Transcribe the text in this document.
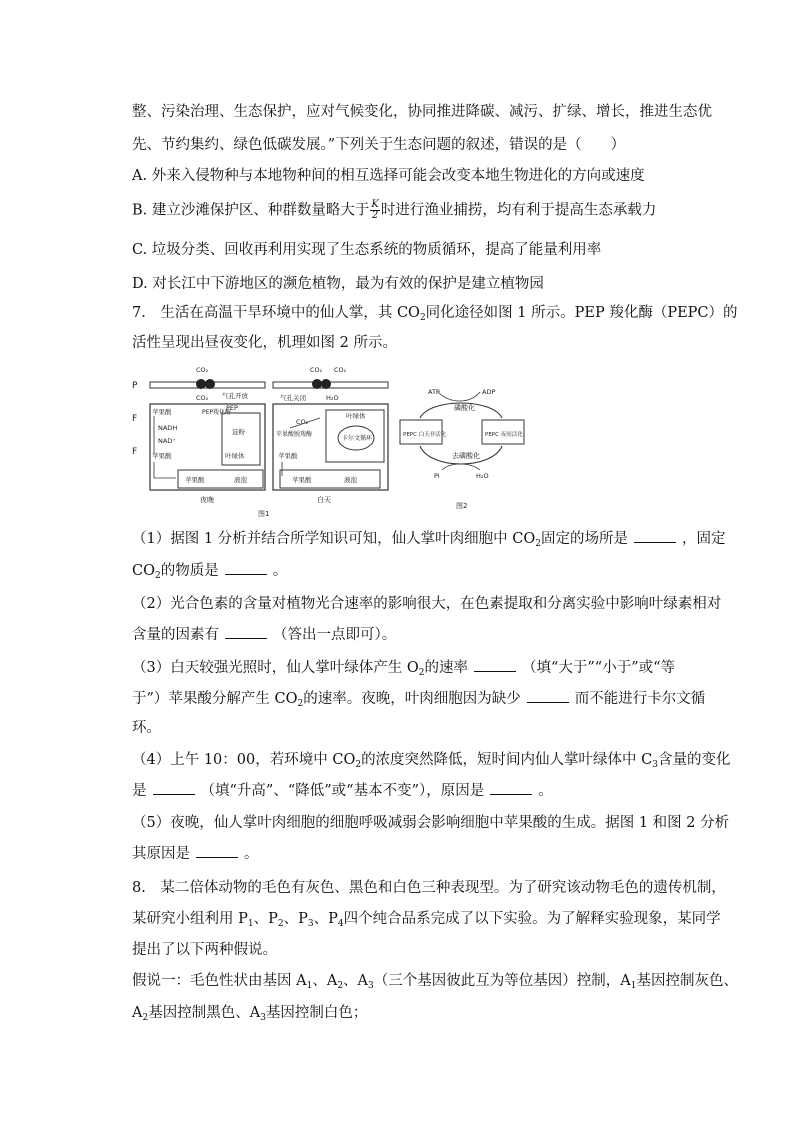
整、污染治理、生态保护，应对气候变化，协同推进降碳、减污、扩绿、增长，推进生态优
先、节约集约、绿色低碳发展。”下列关于生态问题的叙述，错误的是（　　）
A. 外来入侵物种与本地物种间的相互选择可能会改变本地生物进化的方向或速度
B. 建立沙滩保护区、种群数量略大于 $\frac{K}{2}$ 时进行渔业捕捞，均有利于提高生态承载力
C. 垃圾分类、回收再利用实现了生态系统的物质循环，提高了能量利用率
D. 对长江中下游地区的濒危植物，最为有效的保护是建立植物园
7.　生活在高温干旱环境中的仙人掌，其 $CO_2$同化途径如图 1 所示。PEP 羧化酶（PEPC）的
活性呈现出昼夜变化，机理如图 2 所示。
P
F
F
CO₂
CO₂ 气孔开放
苹果酸	PEP羧化酶
PEP
NADH
NAD⁺
淀粉
叶绿体
苹果酸
苹果酸	液泡
夜晚
CO₂ CO₂
气孔关闭	H₂O
CO₂
叶绿体
苹果酸脱羧酶
卡尔文循环
苹果酸
苹果酸	液泡
白天
图1
ATP	ADP
磷酸化
PEPC 白天非活化	PEPC 夜间活化
去磷酸化
Pi	H₂O
图2
（1）据图 1 分析并结合所学知识可知，仙人掌叶肉细胞中 $CO_2$固定的场所是	，固定
$CO_2$的物质是	。
（2）光合色素的含量对植物光合速率的影响很大，在色素提取和分离实验中影响叶绿素相对
含量的因素有	（答出一点即可）。
（3）白天较强光照时，仙人掌叶绿体产生 $O_2$的速率	（填“大于”“小于”或“等
于”）苹果酸分解产生 $CO_2$的速率。夜晚，叶肉细胞因为缺少	而不能进行卡尔文循
环。
（4）上午 10：00，若环境中 $CO_2$的浓度突然降低，短时间内仙人掌叶绿体中 $C_3$含量的变化
是	（填“升高”、“降低”或“基本不变”），原因是	。
（5）夜晚，仙人掌叶肉细胞的细胞呼吸减弱会影响细胞中苹果酸的生成。据图 1 和图 2 分析
其原因是	。
8.　某二倍体动物的毛色有灰色、黑色和白色三种表现型。为了研究该动物毛色的遗传机制，
某研究小组利用 $P_1$、$P_2$、$P_3$、$P_4$四个纯合品系完成了以下实验。为了解释实验现象，某同学
提出了以下两种假说。
假说一：毛色性状由基因 $A_1$、$A_2$、$A_3$（三个基因彼此互为等位基因）控制，$A_1$基因控制灰色、
$A_2$基因控制黑色、$A_3$基因控制白色；
